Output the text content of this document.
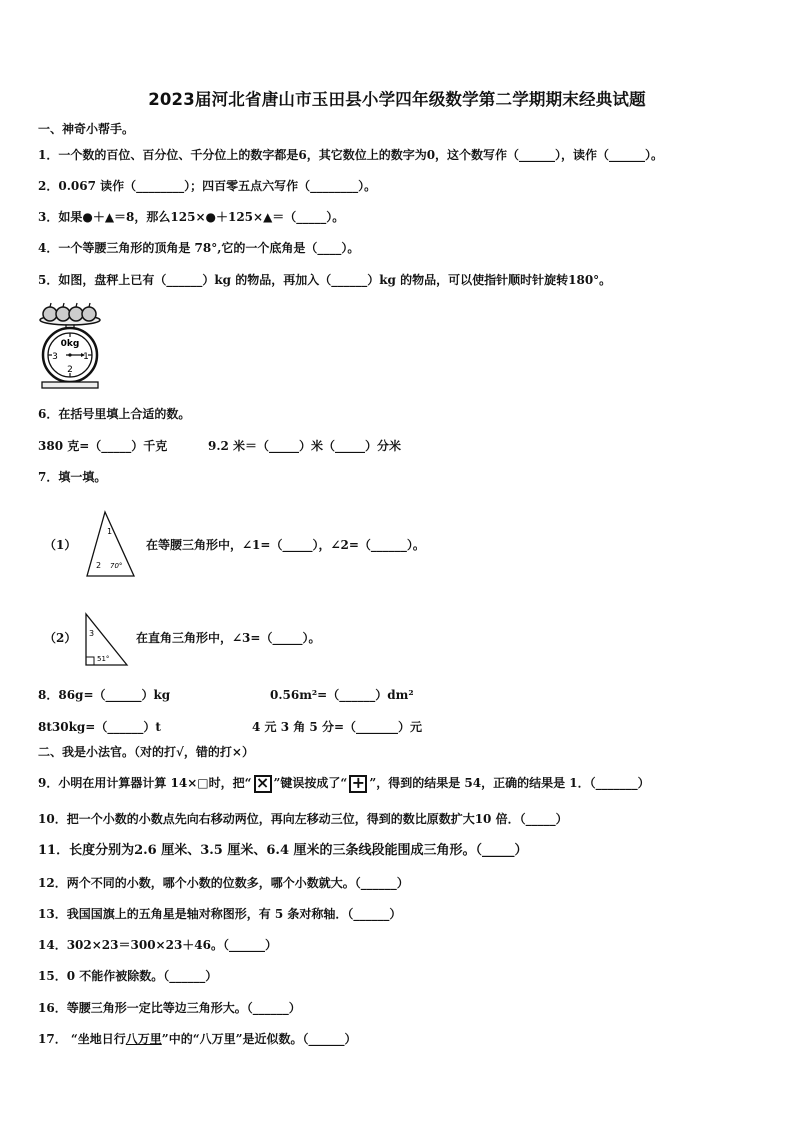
2023届河北省唐山市玉田县小学四年级数学第二学期期末经典试题
一、神奇小帮手。
1．一个数的百位、百分位、千分位上的数字都是6，其它数位上的数字为0，这个数写作（______），读作（______）。
2．0.067 读作（________）；四百零五点六写作（________）。
3．如果●＋▲＝8，那么125×●＋125×▲＝（_____）。
4．一个等腰三角形的顶角是 78°,它的一个底角是（____）。
5．如图，盘秤上已有（______）kg 的物品，再加入（______）kg 的物品，可以使指针顺时针旋转180°。
0kg
3	1
2
6．在括号里填上合适的数。
380 克=（_____）千克	9.2 米＝（_____）米（_____）分米
7．填一填。
（1）
1
2 70°
在等腰三角形中，∠1=（_____），∠2=（______）。
（2） 3
51°
在直角三角形中，∠3=（_____）。
8．86g=（______）kg	0.56m²=（______）dm²
8t30kg=（______）t	4 元 3 角 5 分=（_______）元
二、我是小法官。（对的打√，错的打×）
9．小明在用计算器计算 14×□时，把“ × ”键误按成了“ + ”，得到的结果是 54，正确的结果是 1．（_______）
10．把一个小数的小数点先向右移动两位，再向左移动三位，得到的数比原数扩大10 倍．（_____）
11．长度分别为2.6 厘米、3.5 厘米、6.4 厘米的三条线段能围成三角形。（_____）
12．两个不同的小数，哪个小数的位数多，哪个小数就大。（______）
13．我国国旗上的五角星是轴对称图形，有 5 条对称轴．（______）
14．302×23＝300×23＋46。（______）
15．0 不能作被除数。（______）
16．等腰三角形一定比等边三角形大。（______）
17． “坐地日行八万里”中的“八万里”是近似数。（______）
